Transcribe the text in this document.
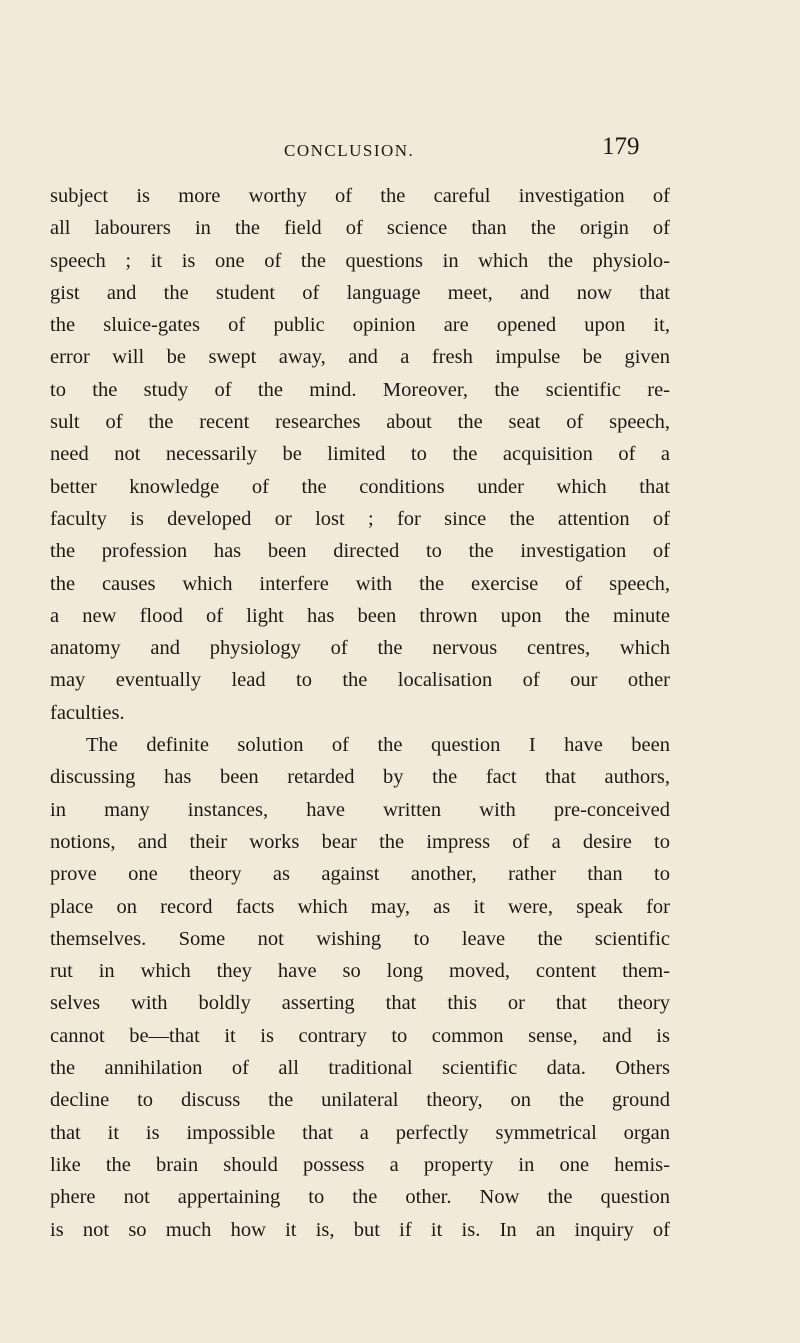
CONCLUSION.	179
subject is more worthy of the careful investigation of
all labourers in the field of science than the origin of
speech ; it is one of the questions in which the physiolo-
gist and the student of language meet, and now that
the sluice-gates of public opinion are opened upon it,
error will be swept away, and a fresh impulse be given
to the study of the mind. Moreover, the scientific re-
sult of the recent researches about the seat of speech,
need not necessarily be limited to the acquisition of a
better knowledge of the conditions under which that
faculty is developed or lost ; for since the attention of
the profession has been directed to the investigation of
the causes which interfere with the exercise of speech,
a new flood of light has been thrown upon the minute
anatomy and physiology of the nervous centres, which
may eventually lead to the localisation of our other
faculties.
The definite solution of the question I have been
discussing has been retarded by the fact that authors,
in many instances, have written with pre-conceived
notions, and their works bear the impress of a desire to
prove one theory as against another, rather than to
place on record facts which may, as it were, speak for
themselves. Some not wishing to leave the scientific
rut in which they have so long moved, content them-
selves with boldly asserting that this or that theory
cannot be—that it is contrary to common sense, and is
the annihilation of all traditional scientific data. Others
decline to discuss the unilateral theory, on the ground
that it is impossible that a perfectly symmetrical organ
like the brain should possess a property in one hemis-
phere not appertaining to the other. Now the question
is not so much how it is, but if it is. In an inquiry of
